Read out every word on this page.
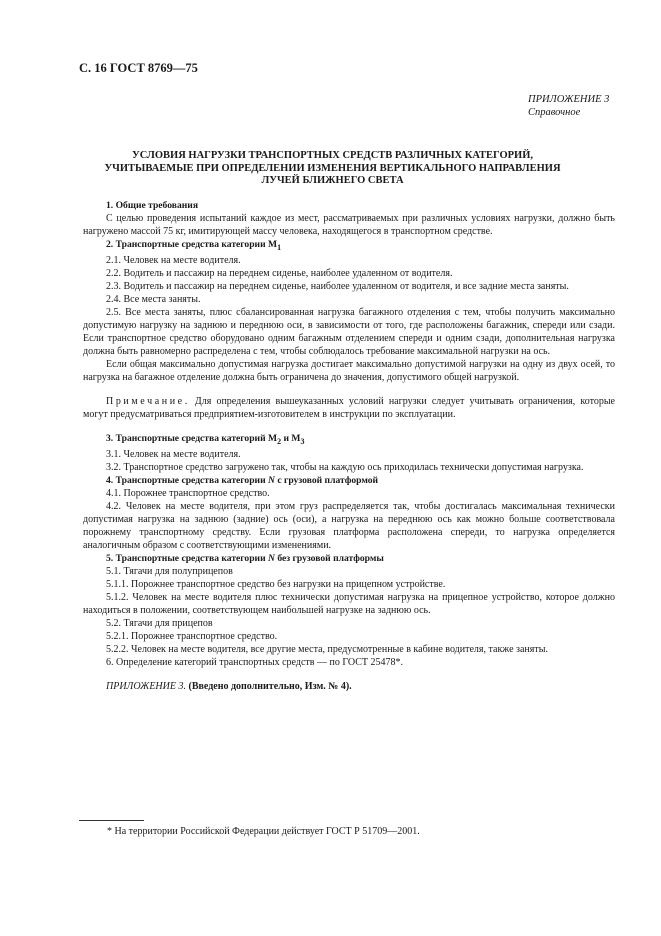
С. 16 ГОСТ 8769—75
ПРИЛОЖЕНИЕ 3
Справочное
УСЛОВИЯ НАГРУЗКИ ТРАНСПОРТНЫХ СРЕДСТВ РАЗЛИЧНЫХ КАТЕГОРИЙ,
УЧИТЫВАЕМЫЕ ПРИ ОПРЕДЕЛЕНИИ ИЗМЕНЕНИЯ ВЕРТИКАЛЬНОГО НАПРАВЛЕНИЯ
ЛУЧЕЙ БЛИЖНЕГО СВЕТА

1. Общие требования

С целью проведения испытаний каждое из мест, рассматриваемых при различных условиях нагрузки, должно быть нагружено массой 75 кг, имитирующей массу человека, находящегося в транспортном средстве.

2. Транспортные средства категории $M_1$

2.1. Человек на месте водителя.

2.2. Водитель и пассажир на переднем сиденье, наиболее удаленном от водителя.

2.3. Водитель и пассажир на переднем сиденье, наиболее удаленном от водителя, и все задние места заняты.

2.4. Все места заняты.

2.5. Все места заняты, плюс сбалансированная нагрузка багажного отделения с тем, чтобы получить максимально допустимую нагрузку на заднюю и переднюю оси, в зависимости от того, где расположены багажник, спереди или сзади. Если транспортное средство оборудовано одним багажным отделением спереди и одним сзади, дополнительная нагрузка должна быть равномерно распределена с тем, чтобы соблюдалось требование максимальной нагрузки на ось.

Если общая максимально допустимая нагрузка достигает максимально допустимой нагрузки на одну из двух осей, то нагрузка на багажное отделение должна быть ограничена до значения, допустимого общей нагрузкой.

Примечание. Для определения вышеуказанных условий нагрузки следует учитывать ограничения, которые могут предусматриваться предприятием-изготовителем в инструкции по эксплуатации.

3. Транспортные средства категорий $M_2$ и $M_3$

3.1. Человек на месте водителя.

3.2. Транспортное средство загружено так, чтобы на каждую ось приходилась технически допустимая нагрузка.

4. Транспортные средства категории N с грузовой платформой

4.1. Порожнее транспортное средство.

4.2. Человек на месте водителя, при этом груз распределяется так, чтобы достигалась максимальная технически допустимая нагрузка на заднюю (задние) ось (оси), а нагрузка на переднюю ось как можно больше соответствовала порожнему транспортному средству. Если грузовая платформа расположена спереди, то нагрузка определяется аналогичным образом с соответствующими изменениями.

5. Транспортные средства категории N без грузовой платформы

5.1. Тягачи для полуприцепов

5.1.1. Порожнее транспортное средство без нагрузки на прицепном устройстве.

5.1.2. Человек на месте водителя плюс технически допустимая нагрузка на прицепное устройство, которое должно находиться в положении, соответствующем наибольшей нагрузке на заднюю ось.

5.2. Тягачи для прицепов

5.2.1. Порожнее транспортное средство.

5.2.2. Человек на месте водителя, все другие места, предусмотренные в кабине водителя, также заняты.

6. Определение категорий транспортных средств — по ГОСТ 25478*.

ПРИЛОЖЕНИЕ 3. (Введено дополнительно, Изм. № 4).

* На территории Российской Федерации действует ГОСТ Р 51709—2001.
